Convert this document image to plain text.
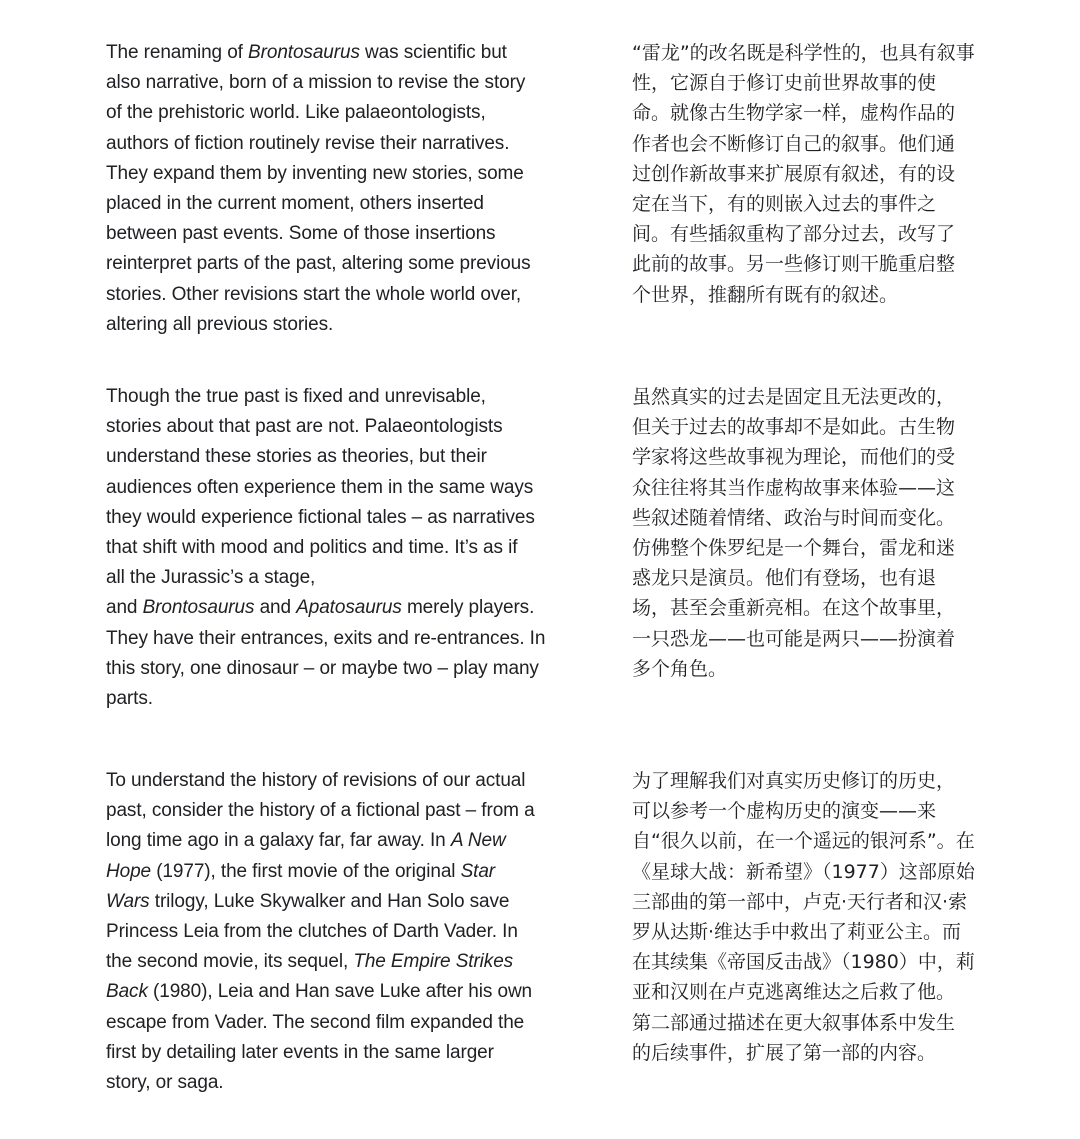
The renaming of Brontosaurus was scientific but
also narrative, born of a mission to revise the story
of the prehistoric world. Like palaeontologists,
authors of fiction routinely revise their narratives.
They expand them by inventing new stories, some
placed in the current moment, others inserted
between past events. Some of those insertions
reinterpret parts of the past, altering some previous
stories. Other revisions start the whole world over,
altering all previous stories.
“雷龙”的改名既是科学性的，也具有叙事
性，它源自于修订史前世界故事的使
命。就像古生物学家一样，虚构作品的
作者也会不断修订自己的叙事。他们通
过创作新故事来扩展原有叙述，有的设
定在当下，有的则嵌入过去的事件之
间。有些插叙重构了部分过去，改写了
此前的故事。另一些修订则干脆重启整
个世界，推翻所有既有的叙述。
Though the true past is fixed and unrevisable,
stories about that past are not. Palaeontologists
understand these stories as theories, but their
audiences often experience them in the same ways
they would experience fictional tales – as narratives
that shift with mood and politics and time. It’s as if
all the Jurassic’s a stage,
and Brontosaurus and Apatosaurus merely players.
They have their entrances, exits and re-entrances. In
this story, one dinosaur – or maybe two – play many
parts.
虽然真实的过去是固定且无法更改的，
但关于过去的故事却不是如此。古生物
学家将这些故事视为理论，而他们的受
众往往将其当作虚构故事来体验——这
些叙述随着情绪、政治与时间而变化。
仿佛整个侏罗纪是一个舞台，雷龙和迷
惑龙只是演员。他们有登场，也有退
场，甚至会重新亮相。在这个故事里，
一只恐龙——也可能是两只——扮演着
多个角色。
To understand the history of revisions of our actual
past, consider the history of a fictional past – from a
long time ago in a galaxy far, far away. In A New
Hope (1977), the first movie of the original Star
Wars trilogy, Luke Skywalker and Han Solo save
Princess Leia from the clutches of Darth Vader. In
the second movie, its sequel, The Empire Strikes
Back (1980), Leia and Han save Luke after his own
escape from Vader. The second film expanded the
first by detailing later events in the same larger
story, or saga.
为了理解我们对真实历史修订的历史，
可以参考一个虚构历史的演变——来
自“很久以前，在一个遥远的银河系”。在
《星球大战：新希望》（1977）这部原始
三部曲的第一部中，卢克·天行者和汉·索
罗从达斯·维达手中救出了莉亚公主。而
在其续集《帝国反击战》（1980）中，莉
亚和汉则在卢克逃离维达之后救了他。
第二部通过描述在更大叙事体系中发生
的后续事件，扩展了第一部的内容。
